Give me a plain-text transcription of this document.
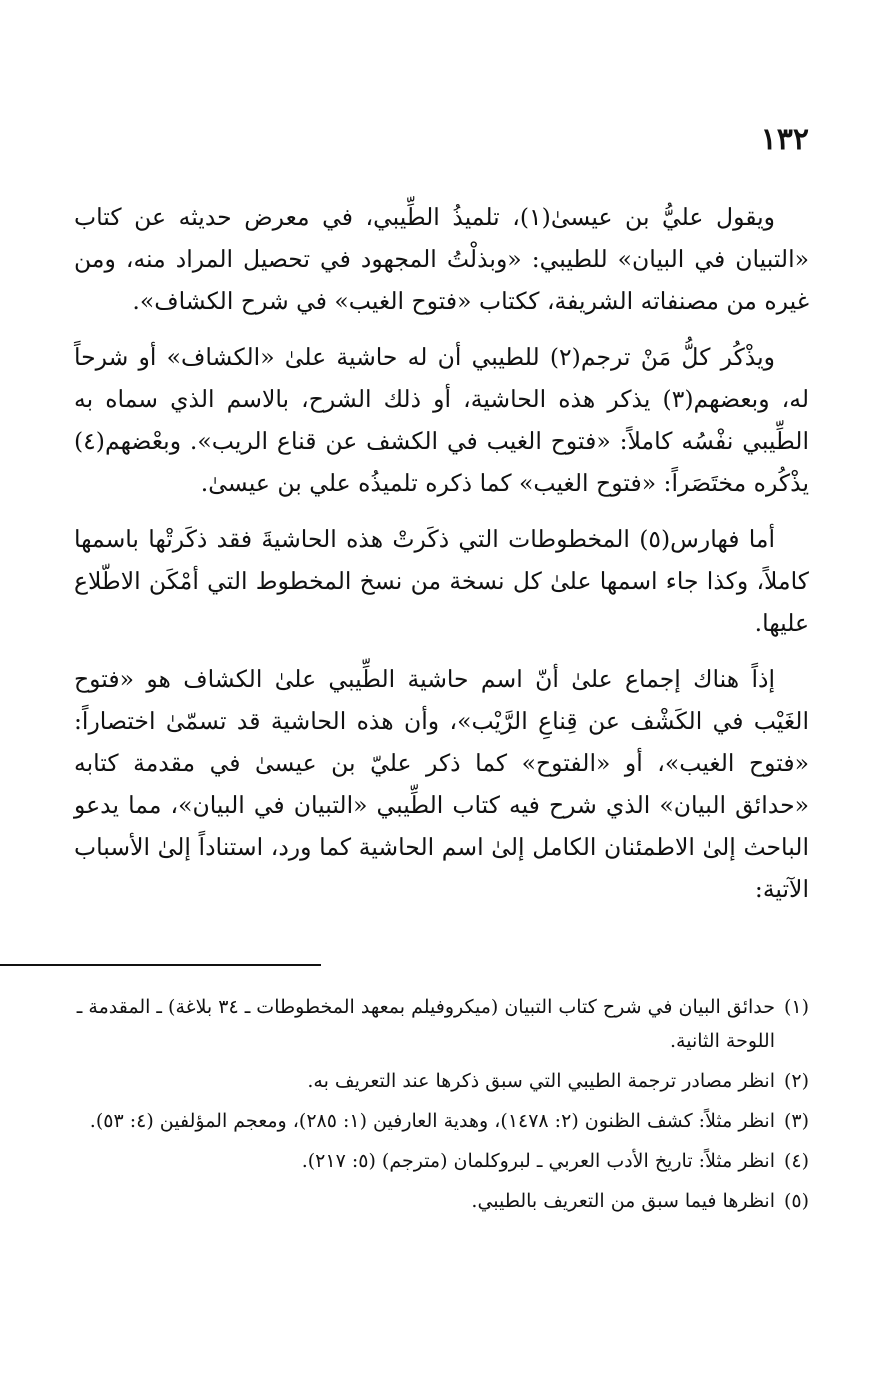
١٣٢

ويقول عليُّ بن عيسىٰ(١)، تلميذُ الطِّيبي، في معرض حديثه عن كتاب «التبيان في البيان» للطيبي: «وبذلْتُ المجهود في تحصيل المراد منه، ومن غيره من مصنفاته الشريفة، ككتاب «فتوح الغيب» في شرح الكشاف».

ويذْكُر كلُّ مَنْ ترجم(٢) للطيبي أن له حاشية علىٰ «الكشاف» أو شرحاً له، وبعضهم(٣) يذكر هذه الحاشية، أو ذلك الشرح، بالاسم الذي سماه به الطِّيبي نفْسُه كاملاً: «فتوح الغيب في الكشف عن قناع الريب». وبعْضهم(٤) يذْكُره مختَصَراً: «فتوح الغيب» كما ذكره تلميذُه علي بن عيسىٰ.

أما فهارس(٥) المخطوطات التي ذكَرتْ هذه الحاشيةَ فقد ذكَرتْها باسمها كاملاً، وكذا جاء اسمها علىٰ كل نسخة من نسخ المخطوط التي أمْكَن الاطّلاع عليها.

إذاً هناك إجماع علىٰ أنّ اسم حاشية الطِّيبي علىٰ الكشاف هو «فتوح الغَيْب في الكَشْف عن قِناعِ الرَّيْب»، وأن هذه الحاشية قد تسمّىٰ اختصاراً: «فتوح الغيب»، أو «الفتوح» كما ذكر عليّ بن عيسىٰ في مقدمة كتابه «حدائق البيان» الذي شرح فيه كتاب الطِّيبي «التبيان في البيان»، مما يدعو الباحث إلىٰ الاطمئنان الكامل إلىٰ اسم الحاشية كما ورد، استناداً إلىٰ الأسباب الآتية:

(١)حدائق البيان في شرح كتاب التبيان (ميكروفيلم بمعهد المخطوطات ـ ٣٤ بلاغة) ـ المقدمة ـ اللوحة الثانية.
(٢)انظر مصادر ترجمة الطيبي التي سبق ذكرها عند التعريف به.
(٣)انظر مثلاً: كشف الظنون (٢: ١٤٧٨)، وهدية العارفين (١: ٢٨٥)، ومعجم المؤلفين (٤: ٥٣).
(٤)انظر مثلاً: تاريخ الأدب العربي ـ لبروكلمان (مترجم) (٥: ٢١٧).
(٥)انظرها فيما سبق من التعريف بالطيبي.
